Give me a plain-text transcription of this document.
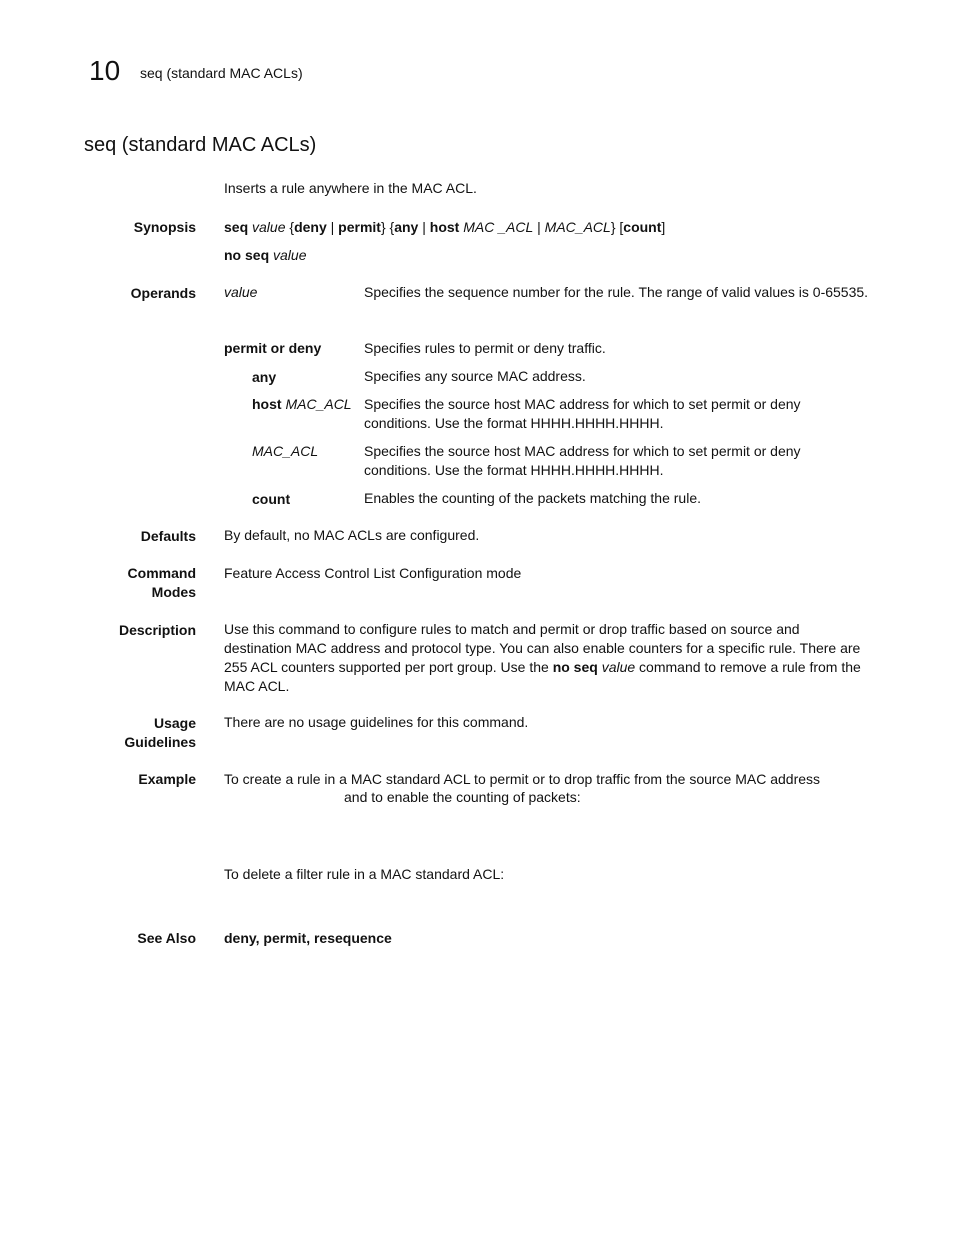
10 seq (standard MAC ACLs)
seq (standard MAC ACLs)
Inserts a rule anywhere in the MAC ACL.
Synopsis seq value {deny | permit} {any | host MAC _ACL | MAC_ACL} [count]
no seq value
Operands value	Specifies the sequence number for the rule. The range of valid values is 0-65535.
permit or deny	Specifies rules to permit or deny traffic.
any	Specifies any source MAC address.
host MAC_ACL Specifies the source host MAC address for which to set permit or deny conditions. Use the format HHHH.HHHH.HHHH.
MAC_ACL	Specifies the source host MAC address for which to set permit or deny conditions. Use the format HHHH.HHHH.HHHH.
count	Enables the counting of the packets matching the rule.
Defaults By default, no MAC ACLs are configured.
Command
Modes
Feature Access Control List Configuration mode
Description Use this command to configure rules to match and permit or drop traffic based on source and destination MAC address and protocol type. You can also enable counters for a specific rule. There are 255 ACL counters supported per port group. Use the no seq value command to remove a rule from the MAC ACL.
Usage
Guidelines
There are no usage guidelines for this command.
Example To create a rule in a MAC standard ACL to permit or to drop traffic from the source MAC address
and to enable the counting of packets:
To delete a filter rule in a MAC standard ACL:
See Also deny, permit, resequence
